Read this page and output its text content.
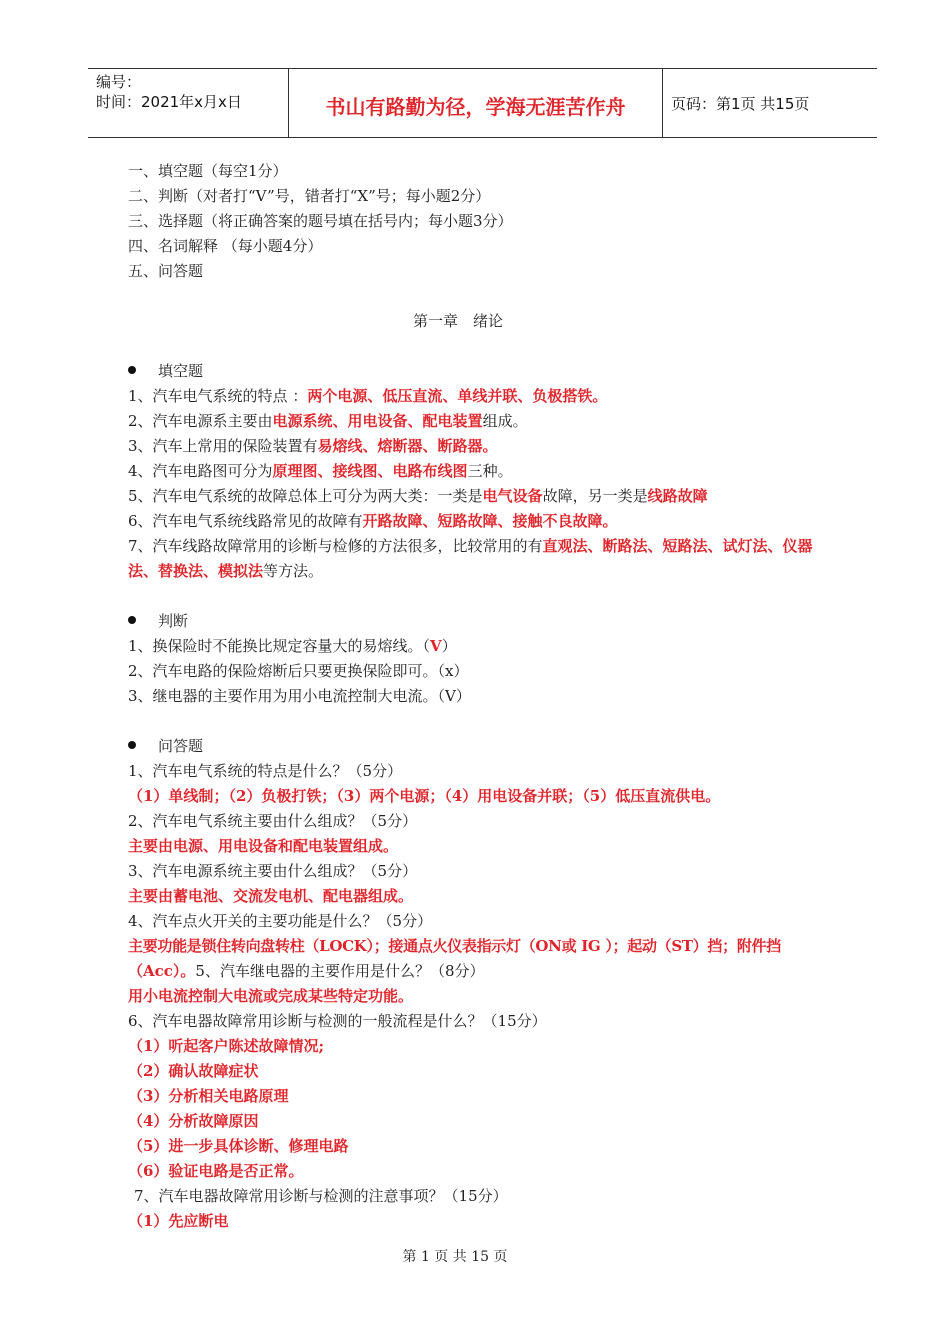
编号：
时间：2021年x月x日	书山有路勤为径，学海无涯苦作舟	页码：第1页 共15页
一、填空题（每空1分）
二、判断（对者打“V”号，错者打“X”号；每小题2分）
三、选择题（将正确答案的题号填在括号内；每小题3分）
四、名词解释 （每小题4分）
五、问答题
第一章　绪论
填空题
1、汽车电气系统的特点 ：两个电源、低压直流、单线并联、负极搭铁。
2、汽车电源系主要由电源系统、用电设备、配电装置组成。
3、汽车上常用的保险装置有易熔线、熔断器、断路器。
4、汽车电路图可分为原理图、接线图、电路布线图三种。
5、汽车电气系统的故障总体上可分为两大类：一类是电气设备故障，另一类是线路故障
6、汽车电气系统线路常见的故障有开路故障、短路故障、接触不良故障。
7、汽车线路故障常用的诊断与检修的方法很多，比较常用的有直观法、断路法、短路法、试灯法、仪器
法、替换法、模拟法等方法。
判断
1、换保险时不能换比规定容量大的易熔线。（V）
2、汽车电路的保险熔断后只要更换保险即可。（x）
3、继电器的主要作用为用小电流控制大电流。（V）
问答题
1、汽车电气系统的特点是什么？（5分）
（1）单线制；（2）负极打铁；（3）两个电源；（4）用电设备并联；（5）低压直流供电。
2、汽车电气系统主要由什么组成？（5分）
主要由电源、用电设备和配电装置组成。
3、汽车电源系统主要由什么组成？（5分）
主要由蓄电池、交流发电机、配电器组成。
4、汽车点火开关的主要功能是什么？（5分）
主要功能是锁住转向盘转柱（LOCK）；接通点火仪表指示灯（ON或 IG ）；起动（ST）挡；附件挡
（Acc）。5、汽车继电器的主要作用是什么？（8分）
用小电流控制大电流或完成某些特定功能。
6、汽车电器故障常用诊断与检测的一般流程是什么？（15分）
（1）听起客户陈述故障情况;
（2）确认故障症状
（3）分析相关电路原理
（4）分析故障原因
（5）进一步具体诊断、修理电路
（6）验证电路是否正常。
7、汽车电器故障常用诊断与检测的注意事项？（15分）
（1）先应断电
第 1 页 共 15 页
